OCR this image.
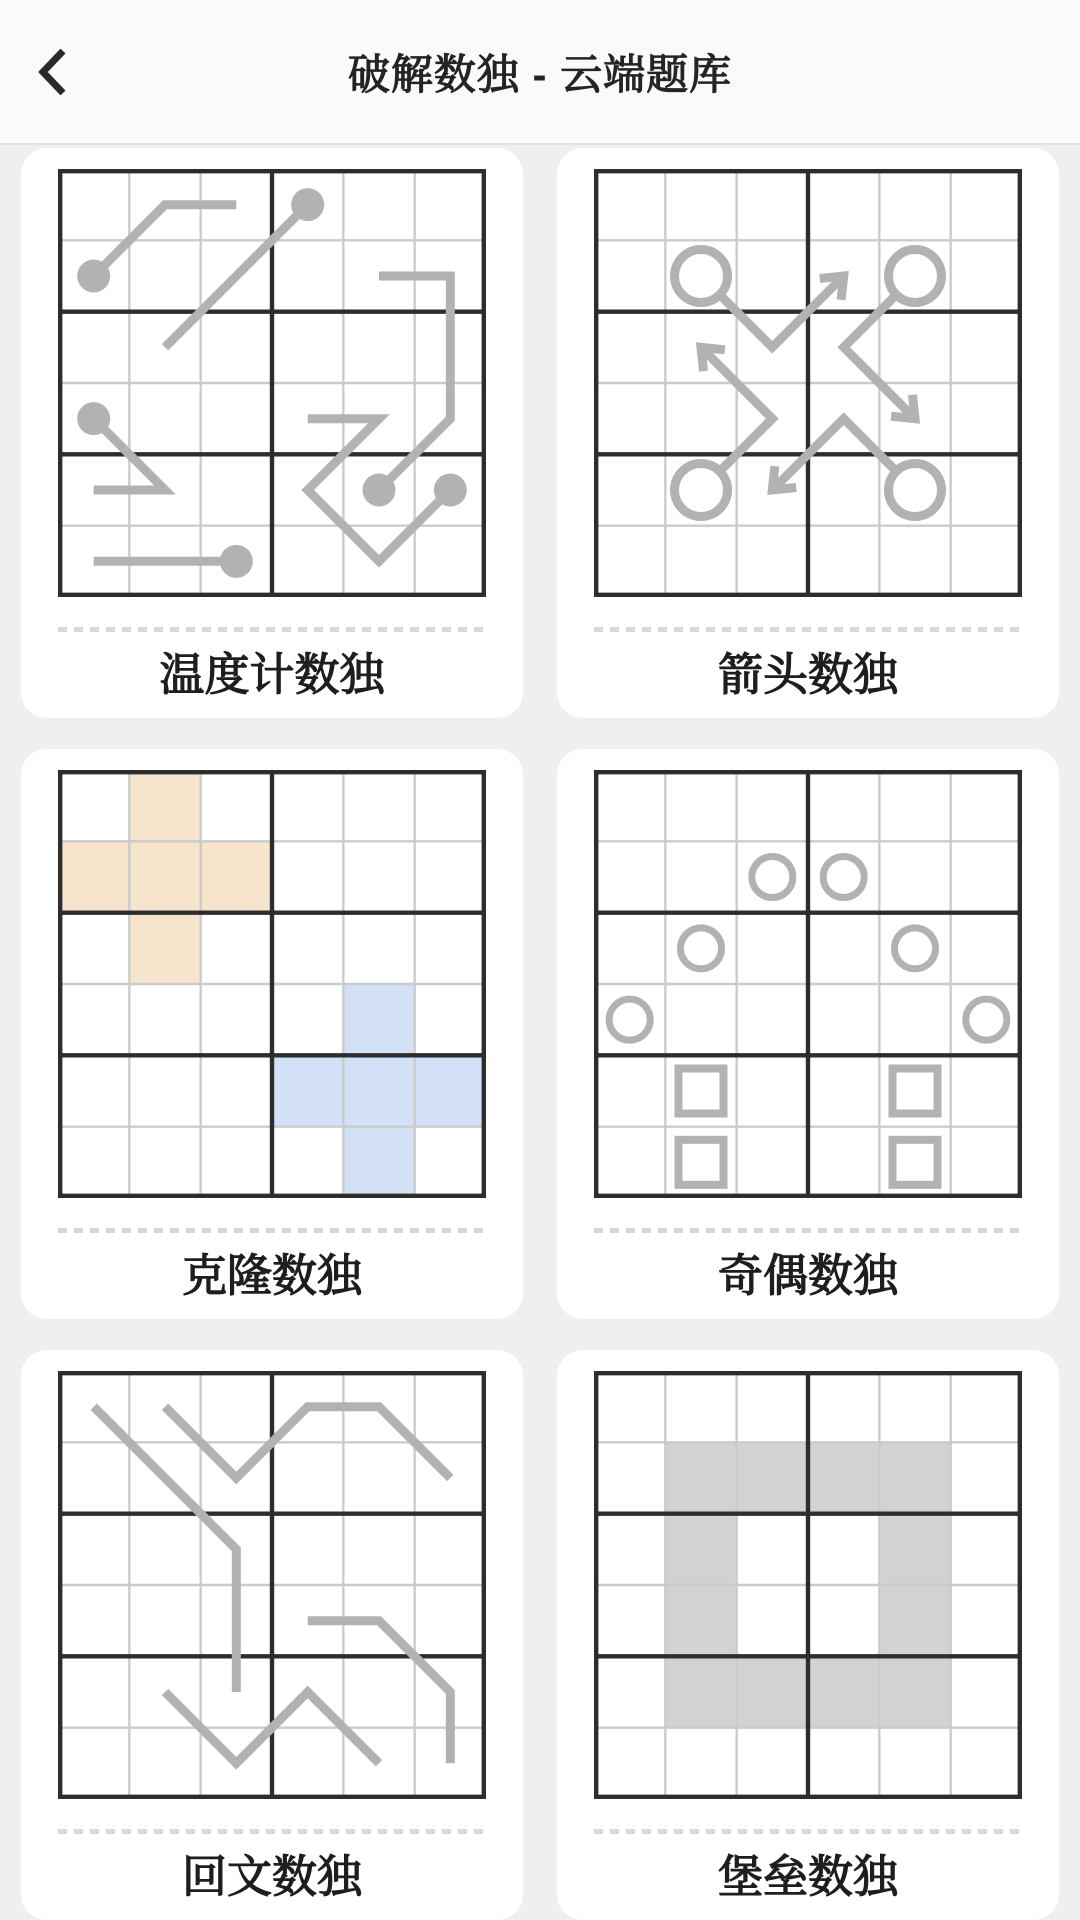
破解数独 - 云端题库
温度计数独	箭头数独
克隆数独	奇偶数独
回文数独	堡垒数独
